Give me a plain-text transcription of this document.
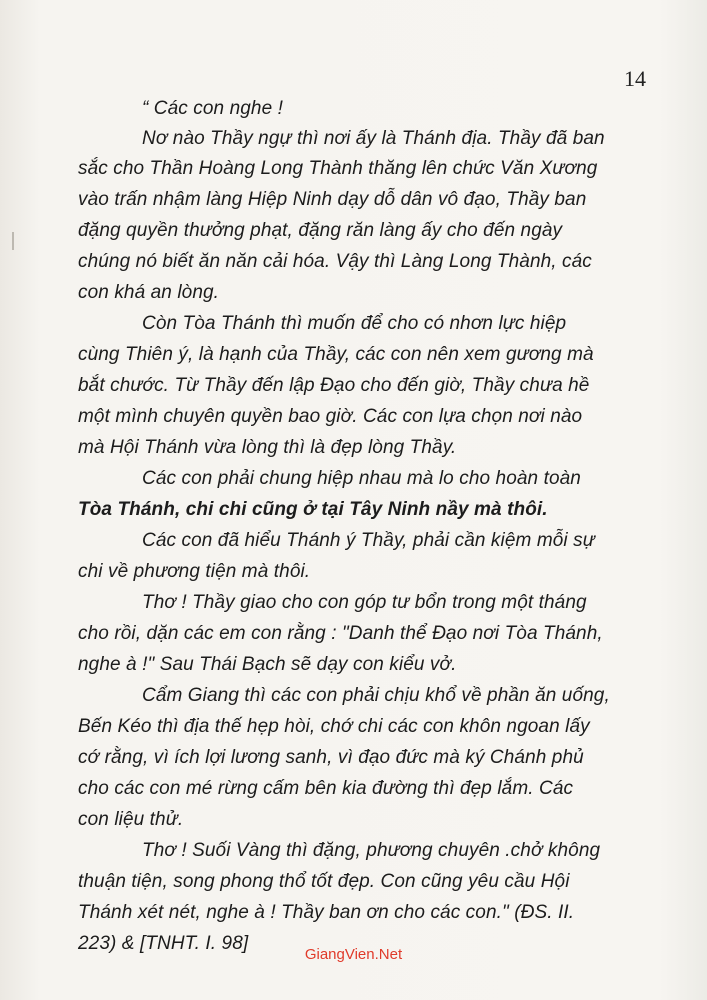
14
“ Các con nghe !
Nơ nào Thầy ngự thì nơi ấy là Thánh địa. Thầy đã ban
sắc cho Thần Hoàng Long Thành thăng lên chức Văn Xương
vào trấn nhậm làng Hiệp Ninh dạy dỗ dân vô đạo, Thầy ban
đặng quyền thưởng phạt, đặng răn làng ấy cho đến ngày
chúng nó biết ăn năn cải hóa. Vậy thì Làng Long Thành, các
con khá an lòng.
Còn Tòa Thánh thì muốn để cho có nhơn lực hiệp
cùng Thiên ý, là hạnh của Thầy, các con nên xem gương mà
bắt chước. Từ Thầy đến lập Đạo cho đến giờ, Thầy chưa hề
một mình chuyên quyền bao giờ. Các con lựa chọn nơi nào
mà Hội Thánh vừa lòng thì là đẹp lòng Thầy.
Các con phải chung hiệp nhau mà lo cho hoàn toàn
Tòa Thánh, chi chi cũng ở tại Tây Ninh nầy mà thôi.
Các con đã hiểu Thánh ý Thầy, phải cần kiệm mỗi sự
chi về phương tiện mà thôi.
Thơ ! Thầy giao cho con góp tư bổn trong một tháng
cho rồi, dặn các em con rằng : "Danh thể Đạo nơi Tòa Thánh,
nghe à !" Sau Thái Bạch sẽ dạy con kiểu vở.
Cẩm Giang thì các con phải chịu khổ về phần ăn uống,
Bến Kéo thì địa thế hẹp hòi, chớ chi các con khôn ngoan lấy
cớ rằng, vì ích lợi lương sanh, vì đạo đức mà ký Chánh phủ
cho các con mé rừng cấm bên kia đường thì đẹp lắm. Các
con liệu thử.
Thơ ! Suối Vàng thì đặng, phương chuyên .chở không
thuận tiện, song phong thổ tốt đẹp. Con cũng yêu cầu Hội
Thánh xét nét, nghe à ! Thầy ban ơn cho các con." (ĐS. II.
223) & [TNHT. I. 98]
GiangVien.Net
